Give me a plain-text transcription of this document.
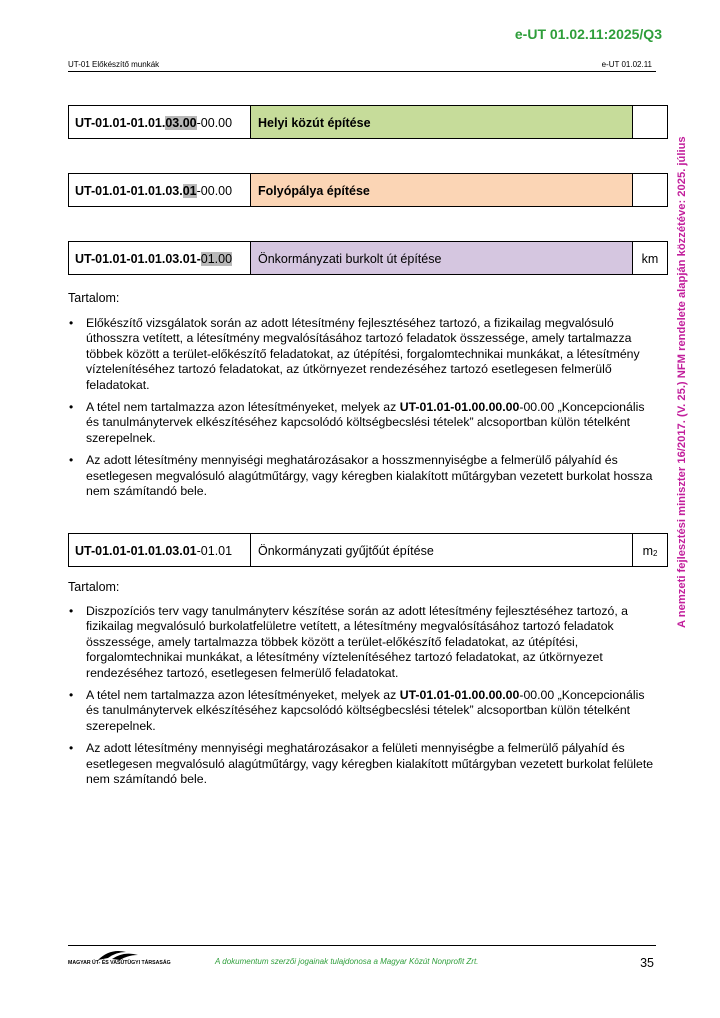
e-UT 01.02.11:2025/Q3
UT-01 Előkészítő munkák	e-UT 01.02.11
A nemzeti fejlesztési miniszter 16/2017. (V. 25.) NFM rendelete alapján közzétéve: 2025. július
UT-01.01-01.01. 03.00 -00.00	Helyi közút építése
UT-01.01-01.01.03. 01 -00.00	Folyópálya építése
UT-01.01-01.01.03.01- 01.00	Önkormányzati burkolt út építése	km
Tartalom:
• Előkészítő vizsgálatok során az adott létesítmény fejlesztéséhez tartozó, a fizikailag megvalósuló úthosszra vetített, a létesítmény megvalósításához tartozó feladatok összessége, amely tartalmazza többek között a terület-előkészítő feladatokat, az útépítési, forgalomtechnikai munkákat, a létesítmény víztelenítéséhez tartozó feladatokat, az útkörnyezet rendezéséhez tartozó esetlegesen felmerülő feladatokat.
• A tétel nem tartalmazza azon létesítményeket, melyek az UT-01.01-01.00.00.00-00.00 „Koncepcionális és tanulmánytervek elkészítéséhez kapcsolódó költségbecslési tételek” alcsoportban külön tételként szerepelnek.
• Az adott létesítmény mennyiségi meghatározásakor a hosszmennyiségbe a felmerülő pályahíd és esetlegesen megvalósuló alagútműtárgy, vagy kéregben kialakított műtárgyban vezetett burkolat hossza nem számítandó bele.
UT-01.01-01.01.03.01 -01.01	Önkormányzati gyűjtőút építése	$m_2$
Tartalom:
• Diszpozíciós terv vagy tanulmányterv készítése során az adott létesítmény fejlesztéséhez tartozó, a fizikailag megvalósuló burkolatfelületre vetített, a létesítmény megvalósításához tartozó feladatok összessége, amely tartalmazza többek között a terület-előkészítő feladatokat, az útépítési, forgalomtechnikai munkákat, a létesítmény víztelenítéséhez tartozó feladatokat, az útkörnyezet rendezéséhez tartozó, esetlegesen felmerülő feladatokat.
• A tétel nem tartalmazza azon létesítményeket, melyek az UT-01.01-01.00.00.00-00.00 „Koncepcionális és tanulmánytervek elkészítéséhez kapcsolódó költségbecslési tételek” alcsoportban külön tételként szerepelnek.
• Az adott létesítmény mennyiségi meghatározásakor a felületi mennyiségbe a felmerülő pályahíd és esetlegesen megvalósuló alagútműtárgy, vagy kéregben kialakított műtárgyban vezetett burkolat felülete nem számítandó bele.
MAGYAR ÚT- ÉS VASÚTÜGYI TÁRSASÁG	A dokumentum szerzői jogainak tulajdonosa a Magyar Közút Nonprofit Zrt.	35
